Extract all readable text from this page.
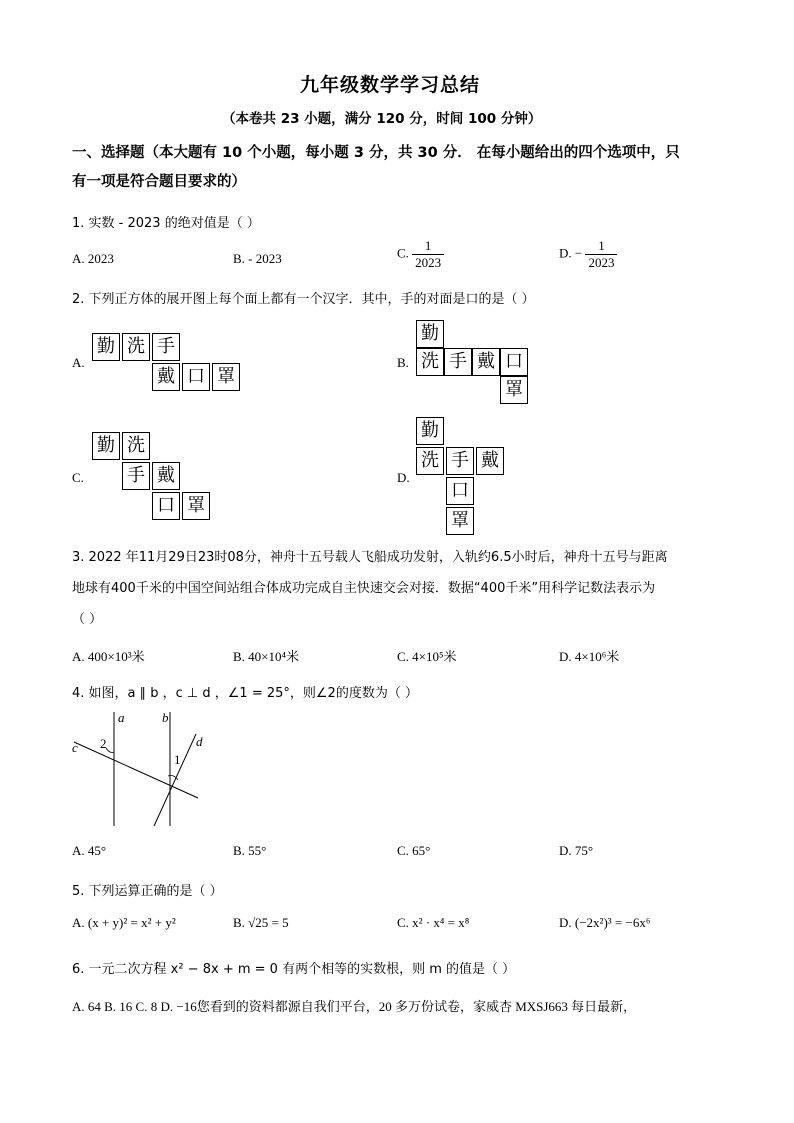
九年级数学学习总结
（本卷共 23 小题，满分 120 分，时间 100 分钟）
一、选择题（本大题有 10 个小题，每小题 3 分，共 30 分． 在每小题给出的四个选项中，只
有一项是符合题目要求的）
1. 实数 - 2023 的绝对值是（ ）
A. 2023	B. - 2023	C. $\frac{1}{2023}$	D. − $\frac{1}{2023}$
2. 下列正方体的展开图上每个面上都有一个汉字．其中，手的对面是口的是（ ）
A.
勤 洗 手
戴 口 罩
B.
勤
洗 手 戴 口
罩
C.
勤 洗
手 戴
口 罩
D.
勤
洗 手 戴
口
罩
3. 2022 年11月29日23时08分，神舟十五号载人飞船成功发射，入轨约6.5小时后，神舟十五号与距离
地球有400千米的中国空间站组合体成功完成自主快速交会对接．数据“400千米”用科学记数法表示为
（ ）
A. 400×10³米	B. 40×10⁴米	C. 4×10⁵米	D. 4×10⁶米
4. 如图，a ∥ b ，c ⊥ d ，∠1 = 25°，则∠2的度数为（ ）
a	b
c	d
2
1
A. 45°	B. 55°	C. 65°	D. 75°
5. 下列运算正确的是（ ）
A. (x + y)² = x² + y²	B. √25 = 5	C. x² · x⁴ = x⁸	D. (−2x²)³ = −6x⁶
6. 一元二次方程 x² − 8x + m = 0 有两个相等的实数根，则 m 的值是（ ）
A. 64 B. 16 C. 8 D. −16您看到的资料都源自我们平台，20 多万份试卷，家威杏 MXSJ663 每日最新，
